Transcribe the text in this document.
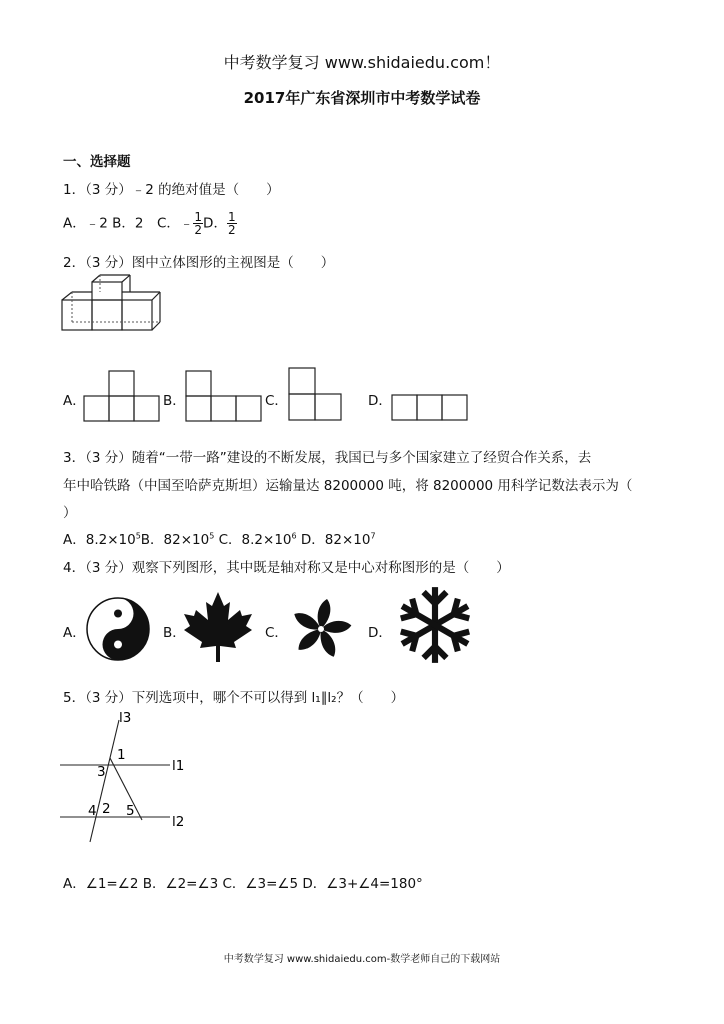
中考数学复习 www.shidaiedu.com！
2017年广东省深圳市中考数学试卷
一、选择题
1．（3 分）﹣2 的绝对值是（　　）
A．﹣2 B．2　C．﹣ $\frac{1}{2}$ D． $\frac{1}{2}$
2．（3 分）图中立体图形的主视图是（　　）
A．	B．	C．	D．
3．（3 分）随着“一带一路”建设的不断发展，我国已与多个国家建立了经贸合作关系，去
年中哈铁路（中国至哈萨克斯坦）运输量达 8200000 吨，将 8200000 用科学记数法表示为（
）
A．$8.2\times 10^5B$．$82\times 10^5$ C．$8.2\times 10^6$ D．$82\times 10^7$
4．（3 分）观察下列图形，其中既是轴对称又是中心对称图形的是（　　）
A．	B．	C．	D．
5．（3 分）下列选项中，哪个不可以得到 l₁∥l₂？（　　）
l3
l1
l2
1
2
3
4 5
A．∠1=∠2 B．∠2=∠3 C．∠3=∠5 D．∠3+∠4=180°
中考数学复习 www.shidaiedu.com-数学老师自己的下载网站
